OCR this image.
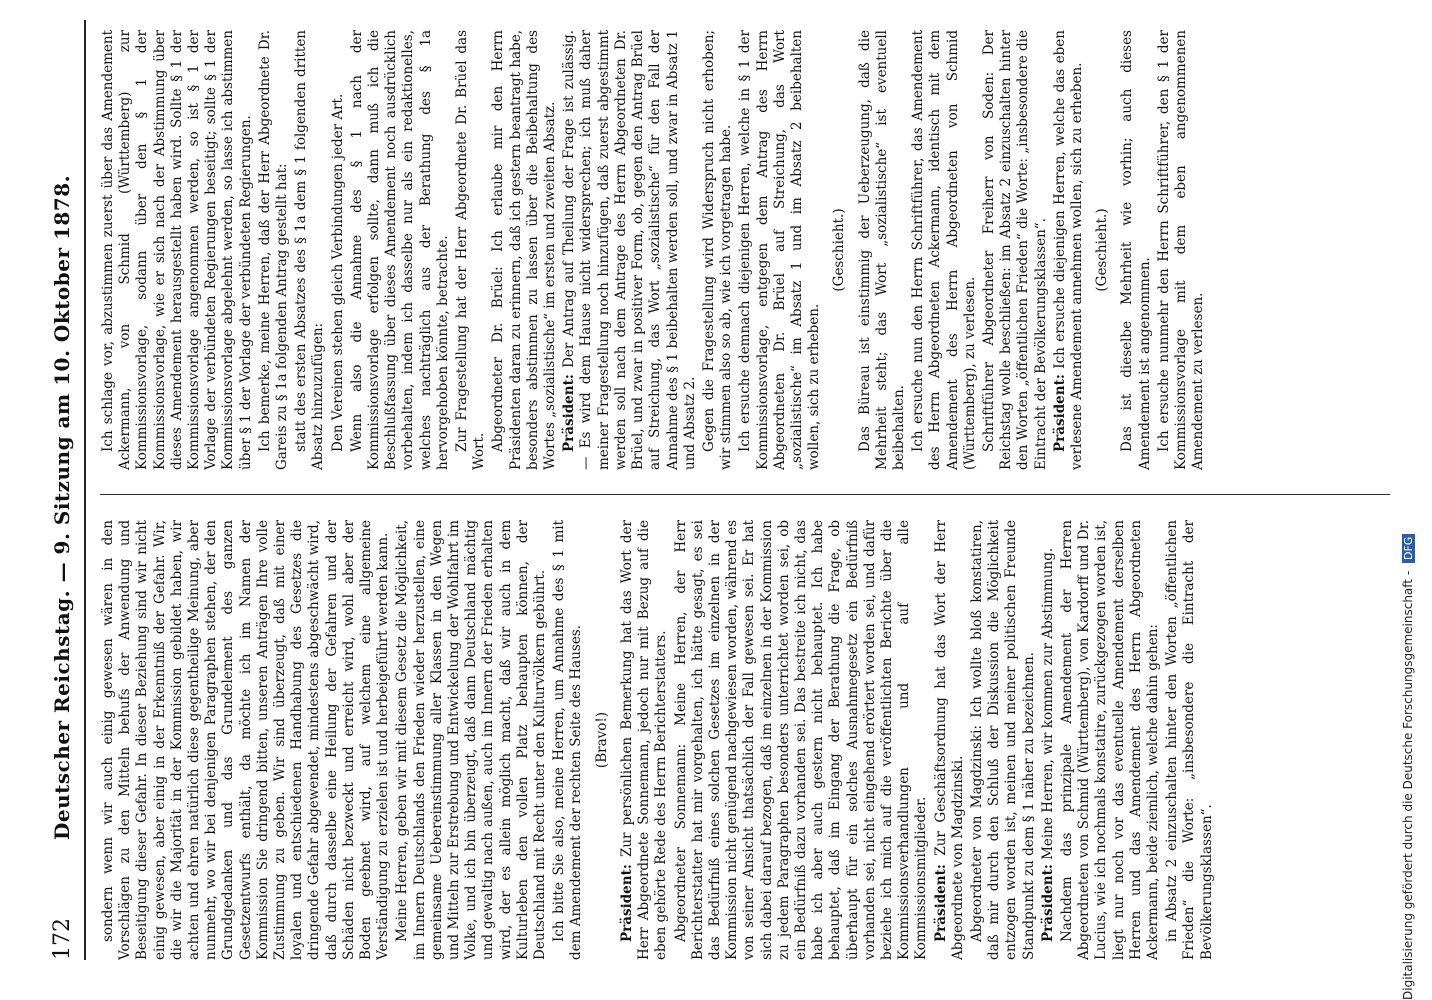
172
Deutscher Reichstag. — 9. Sitzung am 10. Oktober 1878. sondern wenn wir auch einig gewesen wären in den Vorschlägen zu den Mitteln behufs der Anwendung und Beseitigung dieser Gefahr. In dieser Beziehung sind wir nicht einig gewesen, aber einig in der Erkenntniß der Gefahr. Wir, die wir die Majorität in der Kommission gebildet haben, wir achten und ehren natürlich diese gegentheilige Meinung, aber nunmehr, wo wir bei denjenigen Paragraphen stehen, der den Grundgedanken und das Grundelement des ganzen Gesetzentwurfs enthält, da möchte ich im Namen der Kommission Sie dringend bitten, unseren Anträgen Ihre volle Zustimmung zu geben. Wir sind überzeugt, daß mit einer loyalen und entschiedenen Handhabung des Gesetzes die dringende Gefahr abgewendet, mindestens abgeschwächt wird, daß durch dasselbe eine Heilung der Gefahren und der Schäden nicht bezweckt und erreicht wird, wohl aber der Boden geebnet wird, auf welchem eine allgemeine Verständigung zu erzielen ist und herbeigeführt werden kann. Meine Herren, geben wir mit diesem Gesetz die Möglichkeit, im Innern Deutschlands den Frieden wieder herzustellen, eine gemeinsame Uebereinstimmung aller Klassen in den Wegen und Mitteln zur Erstrebung und Entwickelung der Wohlfahrt im Volke, und ich bin überzeugt, daß dann Deutschland mächtig und gewaltig nach außen, auch im Innern der Frieden erhalten wird, der es allein möglich macht, daß wir auch in dem Kulturleben den vollen Platz behaupten können, der Deutschland mit Recht unter den Kulturvölkern gebührt. Ich bitte Sie also, meine Herren, um Annahme des § 1 mit dem Amendement der rechten Seite des Hauses. (Bravo!)

Präsident: Zur persönlichen Bemerkung hat das Wort der Herr Abgeordnete Sonnemann, jedoch nur mit Bezug auf die eben gehörte Rede des Herrn Berichterstatters. Abgeordneter Sonnemann: Meine Herren, der Herr Berichterstatter hat mir vorgehalten, ich hätte gesagt, es sei das Bedürfniß eines solchen Gesetzes im einzelnen in der Kommission nicht genügend nachgewiesen worden, während es von seiner Ansicht thatsächlich der Fall gewesen sei. Er hat sich dabei darauf bezogen, daß im einzelnen in der Kommission zu jedem Paragraphen besonders unterrichtet worden sei, ob ein Bedürfniß dazu vorhanden sei. Das bestreite ich nicht, das habe ich aber auch gestern nicht behauptet. Ich habe behauptet, daß im Eingang der Berathung die Frage, ob überhaupt für ein solches Ausnahmegesetz ein Bedürfniß vorhanden sei, nicht eingehend erörtert worden sei, und dafür beziehe ich mich auf die veröffentlichten Berichte über die Kommissionsverhandlungen und auf alle Kommissionsmitglieder. Präsident: Zur Geschäftsordnung hat das Wort der Herr Abgeordnete von Magdzinski. Abgeordneter von Magdzinski: Ich wollte bloß konstatiren, daß mir durch den Schluß der Diskussion die Möglichkeit entzogen worden ist, meinen und meiner politischen Freunde Standpunkt zu dem § 1 näher zu bezeichnen. Präsident: Meine Herren, wir kommen zur Abstimmung. Nachdem das prinzipale Amendement der Herren Abgeordneten von Schmid (Württemberg), von Kardorff und Dr. Lucius, wie ich nochmals konstatire, zurückgezogen worden ist, liegt nur noch vor das eventuelle Amendement derselben Herren und das Amendement des Herrn Abgeordneten Ackermann, beide ziemlich, welche dahin gehen: in Absatz 2 einzuschalten hinter den Worten „öffentlichen Frieden“ die Worte: „insbesondere die Eintracht der Bevölkerungsklassen“.

Ich schlage vor, abzustimmen zuerst über das Amendement Ackermann, von Schmid (Württemberg) zur Kommissionsvorlage, sodann über den § 1 der Kommissionsvorlage, wie er sich nach der Abstimmung über dieses Amendement herausgestellt haben wird. Sollte § 1 der Kommissionsvorlage angenommen werden, so ist § 1 der Vorlage der verbündeten Regierungen beseitigt; sollte § 1 der Kommissionsvorlage abgelehnt werden, so lasse ich abstimmen über § 1 der Vorlage der verbündeten Regierungen. Ich bemerke, meine Herren, daß der Herr Abgeordnete Dr. Gareis zu § 1a folgenden Antrag gestellt hat: statt des ersten Absatzes des § 1a dem § 1 folgenden dritten Absatz hinzuzufügen: Den Vereinen stehen gleich Verbindungen jeder Art. Wenn also die Annahme des § 1 nach der Kommissionsvorlage erfolgen sollte, dann muß ich die Beschlußfassung über dieses Amendement noch ausdrücklich vorbehalten, indem ich dasselbe nur als ein redaktionelles, welches nachträglich aus der Berathung des § 1a hervorgehoben könnte, betrachte. Zur Fragestellung hat der Herr Abgeordnete Dr. Brüel das Wort. Abgeordneter Dr. Brüel: Ich erlaube mir den Herrn Präsidenten daran zu erinnern, daß ich gestern beantragt habe, besonders abstimmen zu lassen über die Beibehaltung des Wortes „sozialistische“ im ersten und zweiten Absatz. Präsident: Der Antrag auf Theilung der Frage ist zulässig. — Es wird dem Hause nicht widersprechen; ich muß daher meiner Fragestellung noch hinzufügen, daß zuerst abgestimmt werden soll nach dem Antrage des Herrn Abgeordneten Dr. Brüel, und zwar in positiver Form, ob, gegen den Antrag Brüel auf Streichung, das Wort „sozialistische“ für den Fall der Annahme des § 1 beibehalten werden soll, und zwar in Absatz 1 und Absatz 2. Gegen die Fragestellung wird Widerspruch nicht erhoben; wir stimmen also so ab, wie ich vorgetragen habe. Ich ersuche demnach diejenigen Herren, welche in § 1 der Kommissionsvorlage, entgegen dem Antrag des Herrn Abgeordneten Dr. Brüel auf Streichung, das Wort „sozialistische“ im Absatz 1 und im Absatz 2 beibehalten wollen, sich zu erheben.

(Geschieht.) Das Büreau ist einstimmig der Ueberzeugung, daß die Mehrheit steht; das Wort „sozialistische“ ist eventuell beibehalten. Ich ersuche nun den Herrn Schriftführer, das Amendement des Herrn Abgeordneten Ackermann, identisch mit dem Amendement des Herrn Abgeordneten von Schmid (Württemberg), zu verlesen. Schriftführer Abgeordneter Freiherr von Soden: Der Reichstag wolle beschließen: im Absatz 2 einzuschalten hinter den Worten „öffentlichen Frieden“ die Worte: „insbesondere die Eintracht der Bevölkerungsklassen“. Präsident: Ich ersuche diejenigen Herren, welche das eben verlesene Amendement annehmen wollen, sich zu erheben. (Geschieht.) Das ist dieselbe Mehrheit wie vorhin; auch dieses Amendement ist angenommen. Ich ersuche nunmehr den Herrn Schriftführer, den § 1 der Kommissionsvorlage mit dem eben angenommenen Amendement zu verlesen.

Digitalisierung gefördert durch die Deutsche Forschungsgemeinschaft - DFG
